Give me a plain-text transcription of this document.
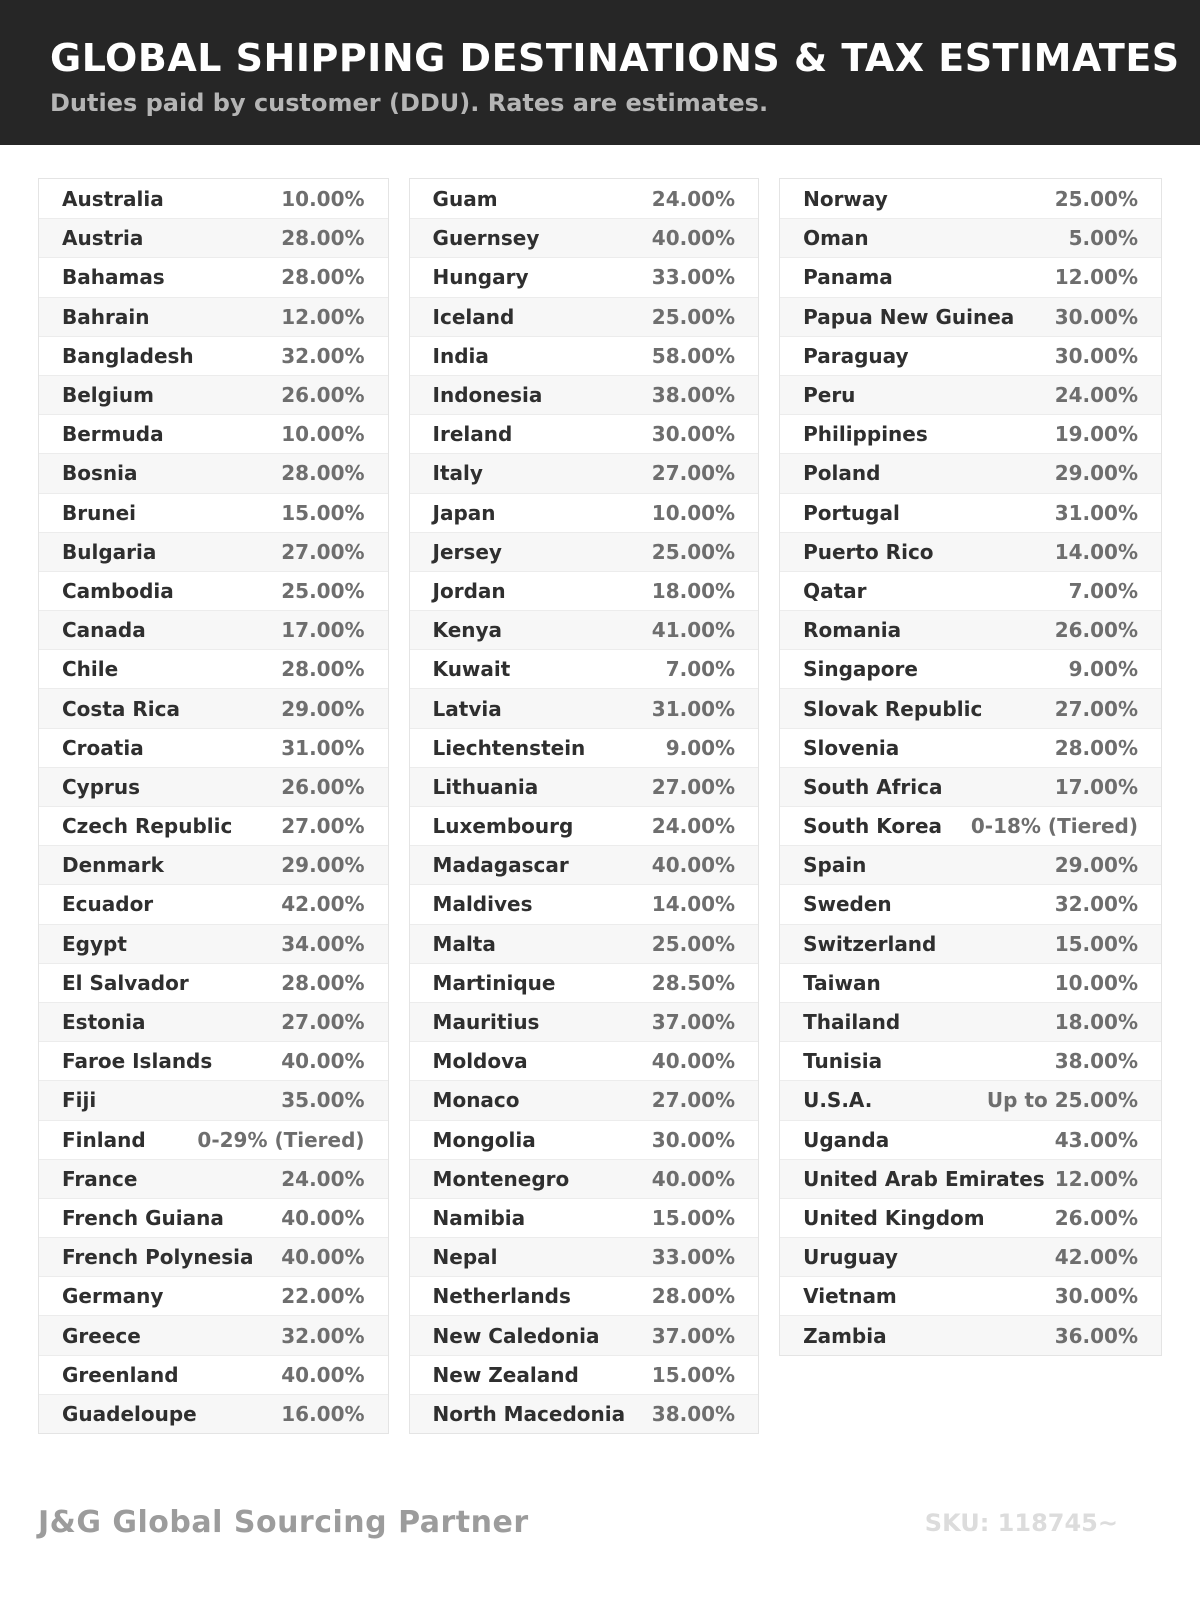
GLOBAL SHIPPING DESTINATIONS & TAX ESTIMATES
Duties paid by customer (DDU). Rates are estimates.
Australia	10.00%
Austria	28.00%
Bahamas	28.00%
Bahrain	12.00%
Bangladesh	32.00%
Belgium	26.00%
Bermuda	10.00%
Bosnia	28.00%
Brunei	15.00%
Bulgaria	27.00%
Cambodia	25.00%
Canada	17.00%
Chile	28.00%
Costa Rica	29.00%
Croatia	31.00%
Cyprus	26.00%
Czech Republic 27.00%
Denmark	29.00%
Ecuador	42.00%
Egypt	34.00%
El Salvador	28.00%
Estonia	27.00%
Faroe Islands	40.00%
Fiji	35.00%
Finland	0-29% (Tiered)
France	24.00%
French Guiana	40.00%
French Polynesia 40.00%
Germany	22.00%
Greece	32.00%
Greenland	40.00%
Guadeloupe	16.00%
Guam	24.00%
Guernsey	40.00%
Hungary	33.00%
Iceland	25.00%
India	58.00%
Indonesia	38.00%
Ireland	30.00%
Italy	27.00%
Japan	10.00%
Jersey	25.00%
Jordan	18.00%
Kenya	41.00%
Kuwait	7.00%
Latvia	31.00%
Liechtenstein	9.00%
Lithuania	27.00%
Luxembourg	24.00%
Madagascar	40.00%
Maldives	14.00%
Malta	25.00%
Martinique	28.50%
Mauritius	37.00%
Moldova	40.00%
Monaco	27.00%
Mongolia	30.00%
Montenegro	40.00%
Namibia	15.00%
Nepal	33.00%
Netherlands	28.00%
New Caledonia	37.00%
New Zealand	15.00%
North Macedonia 38.00%
Norway	25.00%
Oman	5.00%
Panama	12.00%
Papua New Guinea 30.00%
Paraguay	30.00%
Peru	24.00%
Philippines	19.00%
Poland	29.00%
Portugal	31.00%
Puerto Rico	14.00%
Qatar	7.00%
Romania	26.00%
Singapore	9.00%
Slovak Republic	27.00%
Slovenia	28.00%
South Africa	17.00%
South Korea 0-18% (Tiered)
Spain	29.00%
Sweden	32.00%
Switzerland	15.00%
Taiwan	10.00%
Thailand	18.00%
Tunisia	38.00%
U.S.A.	Up to 25.00%
Uganda	43.00%
United Arab Emirates 12.00%
United Kingdom	26.00%
Uruguay	42.00%
Vietnam	30.00%
Zambia	36.00%
J&G Global Sourcing Partner	SKU: 118745~
